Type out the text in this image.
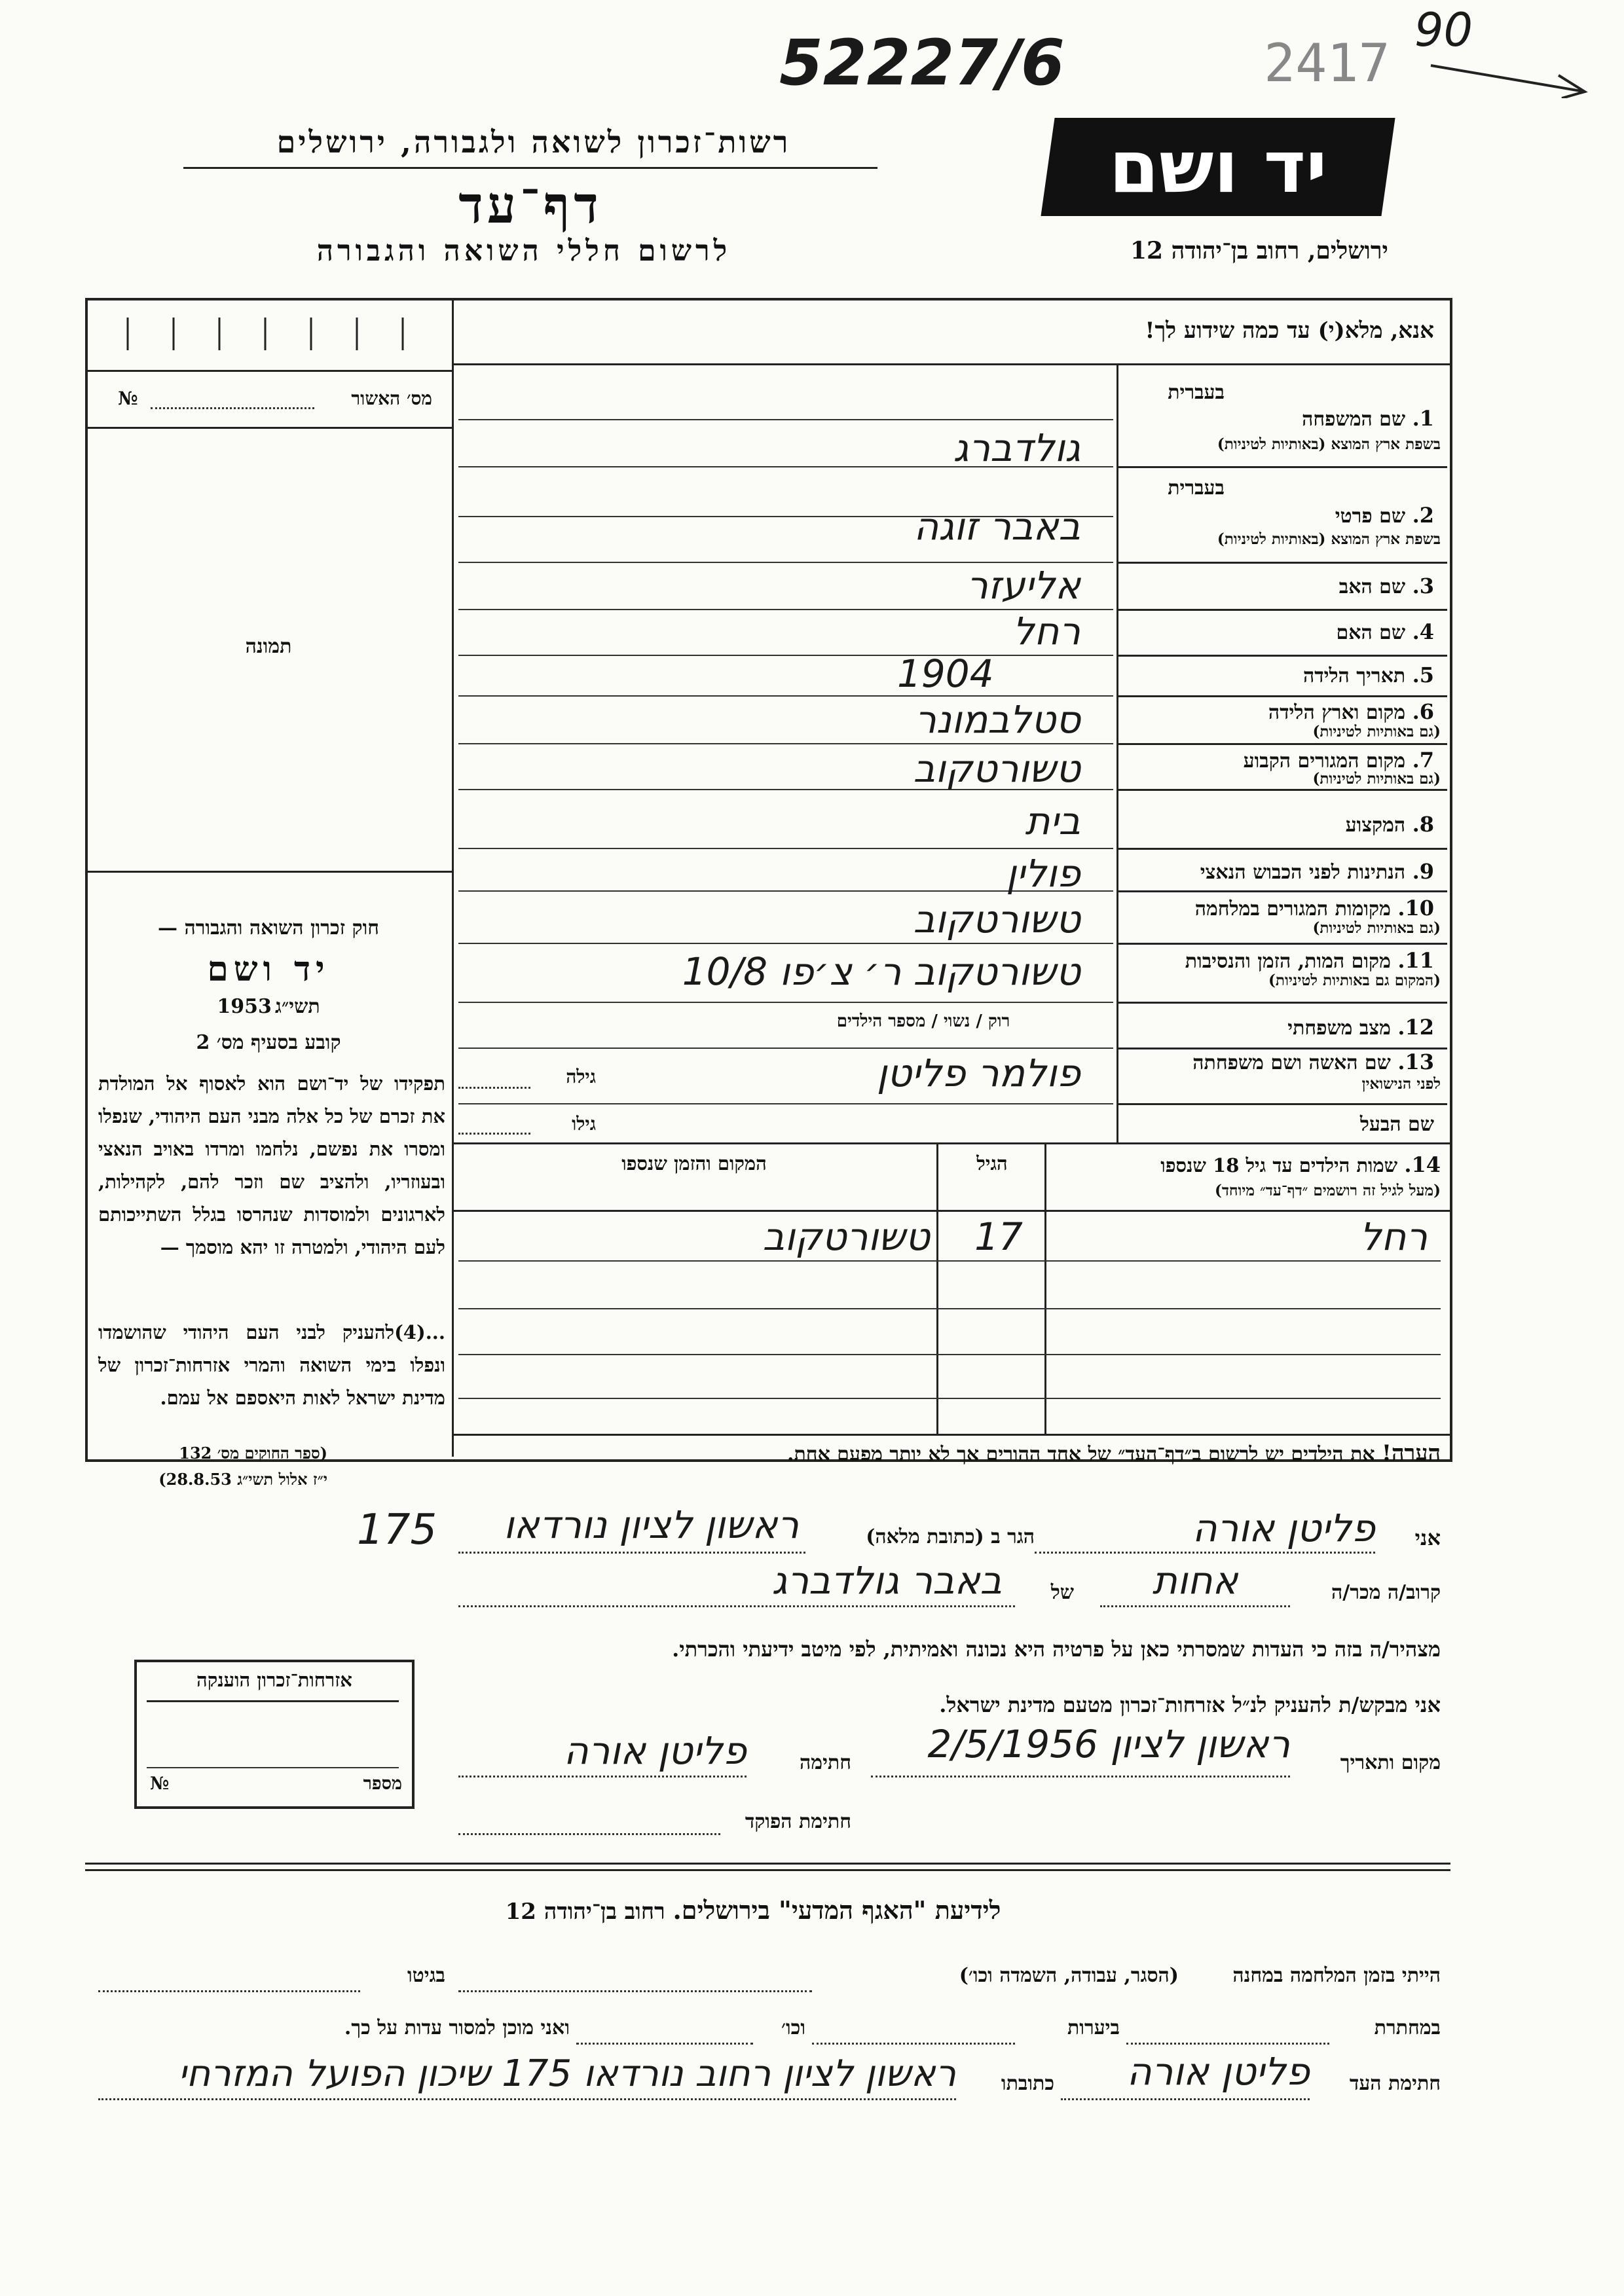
52227/6	2417
90
רשות־זכרון לשואה ולגבורה, ירושלים
דף־עד
לרשום חללי השואה והגבורה
יד ושם
ירושלים, רחוב בן־יהודה 12
אנא, מלא(י) עד כמה שידוע לך!
מס׳ האשור
№
תמונה
חוק זכרון השואה והגבורה —
יד ושם
תשי״ג 1953
קובע בסעיף מס׳ 2
תפקידו של יד־ושם הוא לאסוף אל המולדת את זכרם של כל אלה מבני העם היהודי, שנפלו ומסרו את נפשם, נלחמו ומרדו באויב הנאצי ובעוזריו, ולהציב שם וזכר להם, לקהילות, לארגונים ולמוסדות שנהרסו בגלל השתייכותם לעם היהודי, ולמטרה זו יהא מוסמך —
...(4)להעניק לבני העם היהודי שהושמדו ונפלו בימי השואה והמרי אזרחות־זכרון של מדינת ישראל לאות היאספם אל עמם.
(ספר החוקים מס׳ 132
י״ז אלול תשי״ג 28.8.53)
בעברית
1. שם המשפחה
בשפת ארץ המוצא (באותיות לטיניות)
גולדברג
בעברית
2. שם פרטי
בשפת ארץ המוצא (באותיות לטיניות)
באבר זוגה
3. שם האב
אליעזר
4. שם האם
רחל
5. תאריך הלידה
1904
6. מקום וארץ הלידה
(גם באותיות לטיניות)
סטלבמונר
7. מקום המגורים הקבוע
(גם באותיות לטיניות)
טשורטקוב
8. המקצוע
בית
9. הנתינות לפני הכבוש הנאצי
פולין
10. מקומות המגורים במלחמה
(גם באותיות לטיניות)
טשורטקוב
11. מקום המות, הזמן והנסיבות
(המקום גם באותיות לטיניות)
טשורטקוב ר׳ צ׳פו 10/8
12. מצב משפחתי
רוק / נשוי / מספר הילדים
13. שם האשה ושם משפחתה
לפני הנישואין
פולמר פליטן
גילה
שם הבעל
גילו
14. שמות הילדים עד גיל 18 שנספו
(מעל לגיל זה רושמים ״דף־עד״ מיוחד)
הגיל
המקום והזמן שנספו
רחל
17
טשורטקוב
הערה! את הילדים יש לרשום ב״דף־העד״ של אחד ההורים אך לא יותר מפעם אחת.
אני
פליטן אורה
הגר ב (כתובת מלאה)
ראשון לציון נורדאו
175
קרוב/ה מכר/ה
אחות
של
באבר גולדברג
מצהיר/ה בזה כי העדות שמסרתי כאן על פרטיה היא נכונה ואמיתית, לפי מיטב ידיעתי והכרתי.
אני מבקש/ת להעניק לנ״ל אזרחות־זכרון מטעם מדינת ישראל.
מקום ותאריך
ראשון לציון 2/5/1956
חתימה
פליטן אורה
חתימת הפוקד
אזרחות־זכרון הוענקה
מספר
№
לידיעת "האגף המדעי" בירושלים. רחוב בן־יהודה 12
הייתי בזמן המלחמה במחנה
(הסגר, עבודה, השמדה וכו׳)
בגיטו
במחתרת
ביערות
וכו׳
ואני מוכן למסור עדות על כך.
חתימת העד
פליטן אורה
כתובתו
ראשון לציון רחוב נורדאו 175 שיכון הפועל המזרחי
